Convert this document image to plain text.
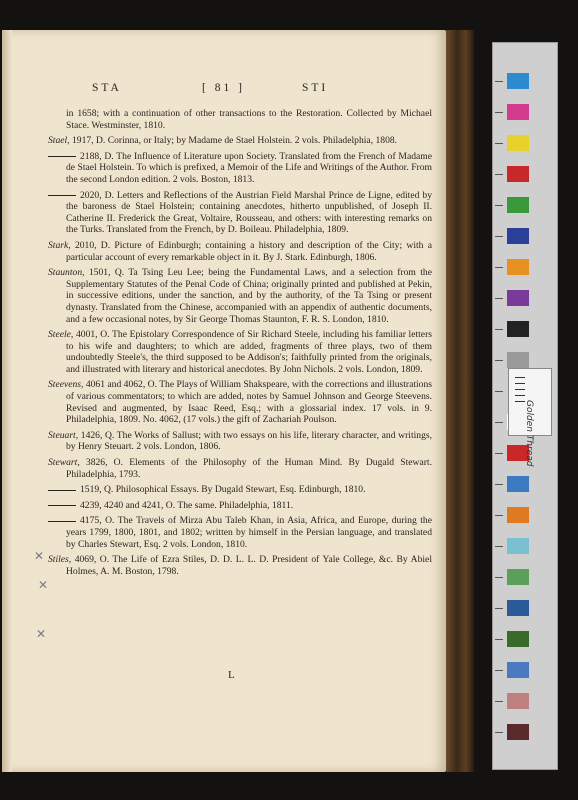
STA	[ 81 ]	STI
in 1658; with a continuation of other transactions to the Restoration. Collected by Michael Stace. Westminster, 1810.
Stael, 1917, D. Corinna, or Italy; by Madame de Stael Holstein. 2 vols. Philadelphia, 1808.
2188, D. The Influence of Literature upon Society. Translated from the French of Madame de Stael Holstein. To which is prefixed, a Memoir of the Life and Writings of the Author. From the second London edition. 2 vols. Boston, 1813.
2020, D. Letters and Reflections of the Austrian Field Marshal Prince de Ligne, edited by the baroness de Stael Holstein; containing anecdotes, hitherto unpublished, of Joseph II. Catherine II. Frederick the Great, Voltaire, Rousseau, and others: with interesting remarks on the Turks. Translated from the French, by D. Boileau. Philadelphia, 1809.
Stark, 2010, D. Picture of Edinburgh; containing a history and description of the City; with a particular account of every remarkable object in it. By J. Stark. Edinburgh, 1806.
Staunton, 1501, Q. Ta Tsing Leu Lee; being the Fundamental Laws, and a selection from the Supplementary Statutes of the Penal Code of China; originally printed and published at Pekin, in successive editions, under the sanction, and by the authority, of the Ta Tsing or present dynasty. Translated from the Chinese, accompanied with an appendix of authentic documents, and a few occasional notes, by Sir George Thomas Staunton, F. R. S. London, 1810.
Steele, 4001, O. The Epistolary Correspondence of Sir Richard Steele, including his familiar letters to his wife and daughters; to which are added, fragments of three plays, two of them undoubtedly Steele's, the third supposed to be Addison's; faithfully printed from the originals, and illustrated with literary and historical anecdotes. By John Nichols. 2 vols. London, 1809.
Steevens, 4061 and 4062, O. The Plays of William Shakspeare, with the corrections and illustrations of various commentators; to which are added, notes by Samuel Johnson and George Steevens. Revised and augmented, by Isaac Reed, Esq.; with a glossarial index. 17 vols. in 9. Philadelphia, 1809. No. 4062, (17 vols.) the gift of Zachariah Poulson.
Steuart, 1426, Q. The Works of Sallust; with two essays on his life, literary character, and writings, by Henry Steuart. 2 vols. London, 1806.
Stewart, 3826, O. Elements of the Philosophy of the Human Mind. By Dugald Stewart. Philadelphia, 1793.
1519, Q. Philosophical Essays. By Dugald Stewart, Esq. Edinburgh, 1810.
4239, 4240 and 4241, O. The same. Philadelphia, 1811.
4175, O. The Travels of Mirza Abu Taleb Khan, in Asia, Africa, and Europe, during the years 1799, 1800, 1801, and 1802; written by himself in the Persian language, and translated by Charles Stewart, Esq. 2 vols. London, 1810.
Stiles, 4069, O. The Life of Ezra Stiles, D. D. L. L. D. President of Yale College, &c. By Abiel Holmes, A. M. Boston, 1798.
L
✕
✕
✕
Golden Thread
